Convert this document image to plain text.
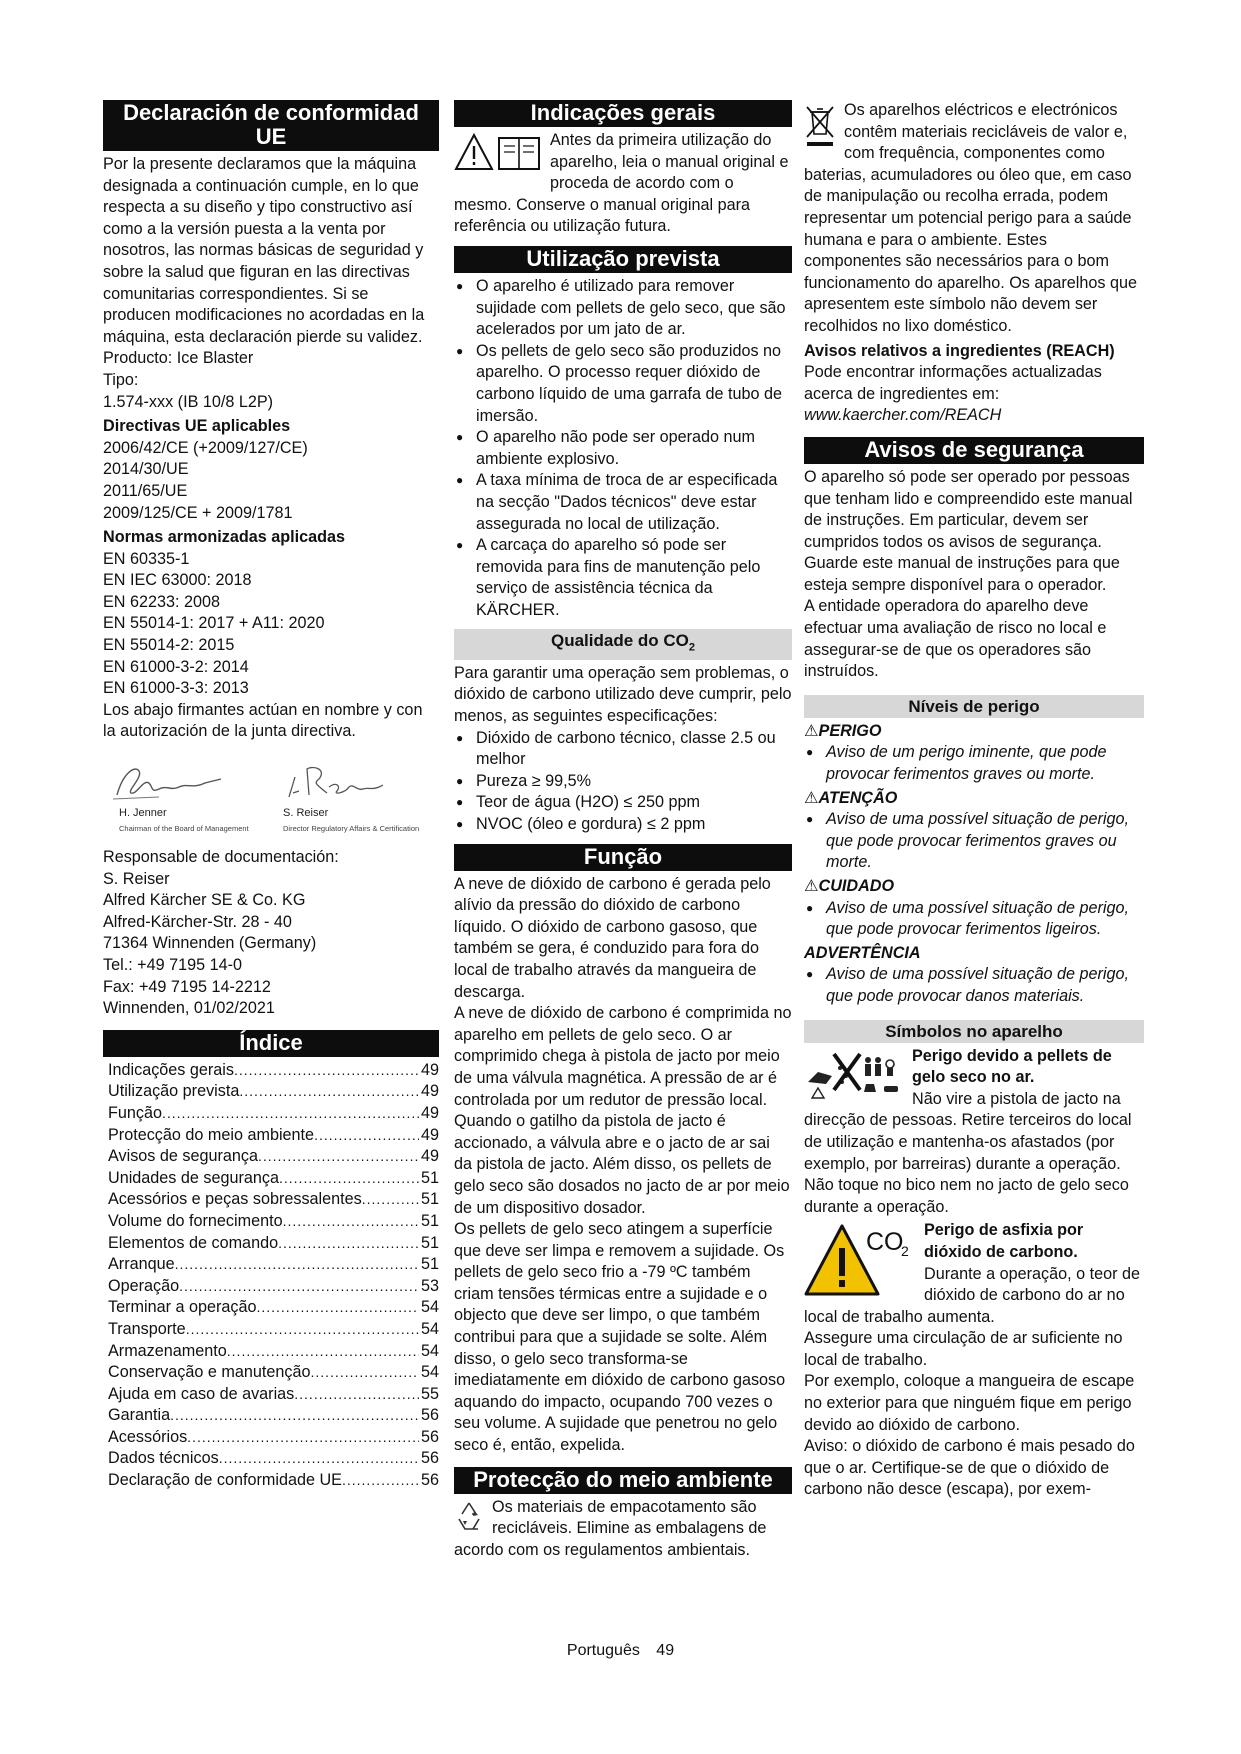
Declaración de conformidad UE

Por la presente declaramos que la máquina designada a continuación cumple, en lo que respecta a su diseño y tipo constructivo así como a la versión puesta a la venta por nosotros, las normas básicas de seguridad y sobre la salud que figuran en las directivas comunitarias correspondientes. Si se producen modificaciones no acordadas en la máquina, esta declaración pierde su validez.

Producto: Ice Blaster

Tipo:

1.574-xxx (IB 10/8 L2P)

Directivas UE aplicables

2006/42/CE (+2009/127/CE)

2014/30/UE

2011/65/UE

2009/125/CE + 2009/1781

Normas armonizadas aplicadas

EN 60335-1

EN IEC 63000: 2018

EN 62233: 2008

EN 55014-1: 2017 + A11: 2020

EN 55014-2: 2015

EN 61000-3-2: 2014

EN 61000-3-3: 2013

Los abajo firmantes actúan en nombre y con la autorización de la junta directiva.

H. Jenner
Chairman of the Board of Management
S. Reiser
Director Regulatory Affairs & Certification

Responsable de documentación:

S. Reiser

Alfred Kärcher SE & Co. KG

Alfred-Kärcher-Str. 28 - 40

71364 Winnenden (Germany)

Tel.: +49 7195 14-0

Fax: +49 7195 14-2212

Winnenden, 01/02/2021

Índice
Indicações gerais .....	49
Utilização prevista .....	49
Função .....	49
Protecção do meio ambiente .....	49
Avisos de segurança .....	49
Unidades de segurança .....	51
Acessórios e peças sobressalentes .....	51
Volume do fornecimento .....	51
Elementos de comando .....	51
Arranque .....	51
Operação .....	53
Terminar a operação .....	54
Transporte .....	54
Armazenamento .....	54
Conservação e manutenção .....	54
Ajuda em caso de avarias .....	55
Garantia .....	56
Acessórios .....	56
Dados técnicos .....	56
Declaração de conformidade UE .....	56
Indicações gerais

Antes da primeira utilização do aparelho, leia o manual original e proceda de acordo com o mesmo. Conserve o manual original para referência ou utilização futura.

Utilização prevista
● O aparelho é utilizado para remover sujidade com pellets de gelo seco, que são acelerados por um jato de ar.
● Os pellets de gelo seco são produzidos no aparelho. O processo requer dióxido de carbono líquido de uma garrafa de tubo de imersão.
● O aparelho não pode ser operado num ambiente explosivo.
● A taxa mínima de troca de ar especificada na secção "Dados técnicos" deve estar assegurada no local de utilização.
● A carcaça do aparelho só pode ser removida para fins de manutenção pelo serviço de assistência técnica da KÄRCHER.
Qualidade do $CO_2$

Para garantir uma operação sem problemas, o dióxido de carbono utilizado deve cumprir, pelo menos, as seguintes especificações:

● Dióxido de carbono técnico, classe 2.5 ou melhor
● Pureza ≥ 99,5%
● Teor de água (H2O) ≤ 250 ppm
● NVOC (óleo e gordura) ≤ 2 ppm
Função

A neve de dióxido de carbono é gerada pelo alívio da pressão do dióxido de carbono líquido. O dióxido de carbono gasoso, que também se gera, é conduzido para fora do local de trabalho através da mangueira de descarga.

A neve de dióxido de carbono é comprimida no aparelho em pellets de gelo seco. O ar comprimido chega à pistola de jacto por meio de uma válvula magnética. A pressão de ar é controlada por um redutor de pressão local. Quando o gatilho da pistola de jacto é accionado, a válvula abre e o jacto de ar sai da pistola de jacto. Além disso, os pellets de gelo seco são dosados no jacto de ar por meio de um dispositivo dosador.

Os pellets de gelo seco atingem a superfície que deve ser limpa e removem a sujidade. Os pellets de gelo seco frio a -79 ºC também criam tensões térmicas entre a sujidade e o objecto que deve ser limpo, o que também contribui para que a sujidade se solte. Além disso, o gelo seco transforma-se imediatamente em dióxido de carbono gasoso aquando do impacto, ocupando 700 vezes o seu volume. A sujidade que penetrou no gelo seco é, então, expelida.

Protecção do meio ambiente

Os materiais de empacotamento são recicláveis. Elimine as embalagens de acordo com os regulamentos ambientais.

Os aparelhos eléctricos e electrónicos contêm materiais recicláveis de valor e, com frequência, componentes como baterias, acumuladores ou óleo que, em caso de manipulação ou recolha errada, podem representar um potencial perigo para a saúde humana e para o ambiente. Estes componentes são necessários para o bom funcionamento do aparelho. Os aparelhos que apresentem este símbolo não devem ser recolhidos no lixo doméstico.

Avisos relativos a ingredientes (REACH)

Pode encontrar informações actualizadas acerca de ingredientes em: www.kaercher.com/REACH

Avisos de segurança

O aparelho só pode ser operado por pessoas que tenham lido e compreendido este manual de instruções. Em particular, devem ser cumpridos todos os avisos de segurança.

Guarde este manual de instruções para que esteja sempre disponível para o operador.

A entidade operadora do aparelho deve efectuar uma avaliação de risco no local e assegurar-se de que os operadores são instruídos.

Níveis de perigo

⚠PERIGO

● Aviso de um perigo iminente, que pode provocar ferimentos graves ou morte.

⚠ATENÇÃO

● Aviso de uma possível situação de perigo, que pode provocar ferimentos graves ou morte.

⚠CUIDADO

● Aviso de uma possível situação de perigo, que pode provocar ferimentos ligeiros.

ADVERTÊNCIA

● Aviso de uma possível situação de perigo, que pode provocar danos materiais.
Símbolos no aparelho

Perigo devido a pellets de gelo seco no ar.

Não vire a pistola de jacto na direcção de pessoas. Retire terceiros do local de utilização e mantenha-os afastados (por exemplo, por barreiras) durante a operação. Não toque no bico nem no jacto de gelo seco durante a operação.

CO
2

Perigo de asfixia por dióxido de carbono.

Durante a operação, o teor de dióxido de carbono do ar no local de trabalho aumenta.

Assegure uma circulação de ar suficiente no local de trabalho.

Por exemplo, coloque a mangueira de escape no exterior para que ninguém fique em perigo devido ao dióxido de carbono.

Aviso: o dióxido de carbono é mais pesado do que o ar. Certifique-se de que o dióxido de carbono não desce (escapa), por exem-

Português 49
